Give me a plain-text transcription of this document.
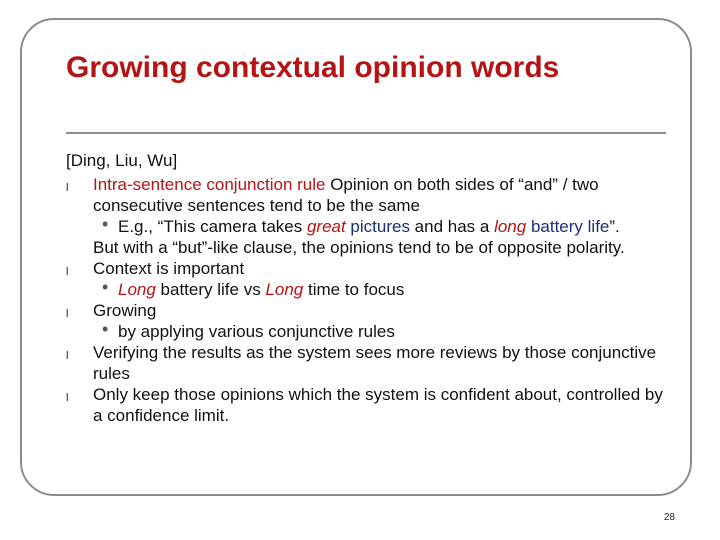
Growing contextual opinion words
[Ding, Liu, Wu]
l Intra-sentence conjunction rule Opinion on both sides of “and” / two consecutive sentences tend to be the same
• E.g., “This camera takes great pictures and has a long battery life”.
But with a “but”-like clause, the opinions tend to be of opposite polarity.
l Context is important
• Long battery life vs Long time to focus
l Growing
• by applying various conjunctive rules
l Verifying the results as the system sees more reviews by those conjunctive rules
l Only keep those opinions which the system is confident about, controlled by a confidence limit.
28
